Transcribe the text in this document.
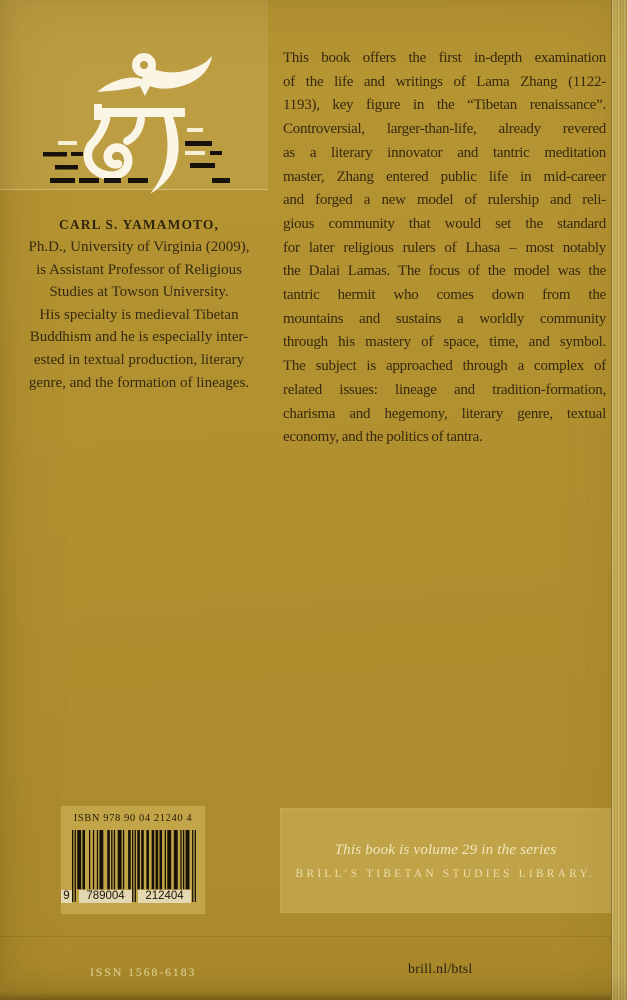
CARL S. YAMAMOTO,
Ph.D., University of Virginia (2009),
is Assistant Professor of Religious
Studies at Towson University.
His specialty is medieval Tibetan
Buddhism and he is especially inter-
ested in textual production, literary
genre, and the formation of lineages.
This book offers the first in-depth examination
of the life and writings of Lama Zhang (1122-
1193), key figure in the “Tibetan renaissance”.
Controversial, larger-than-life, already revered
as a literary innovator and tantric meditation
master, Zhang entered public life in mid-career
and forged a new model of rulership and reli-
gious community that would set the standard
for later religious rulers of Lhasa – most notably
the Dalai Lamas. The focus of the model was the
tantric hermit who comes down from the
mountains and sustains a worldly community
through his mastery of space, time, and symbol.
The subject is approached through a complex of
related issues: lineage and tradition-formation,
charisma and hegemony, literary genre, textual
economy, and the politics of tantra.
ISBN 978 90 04 21240 4
9	789004	212404
This book is volume 29 in the series
BRILL’S TIBETAN STUDIES LIBRARY.
ISSN 1568-6183	brill.nl/btsl
